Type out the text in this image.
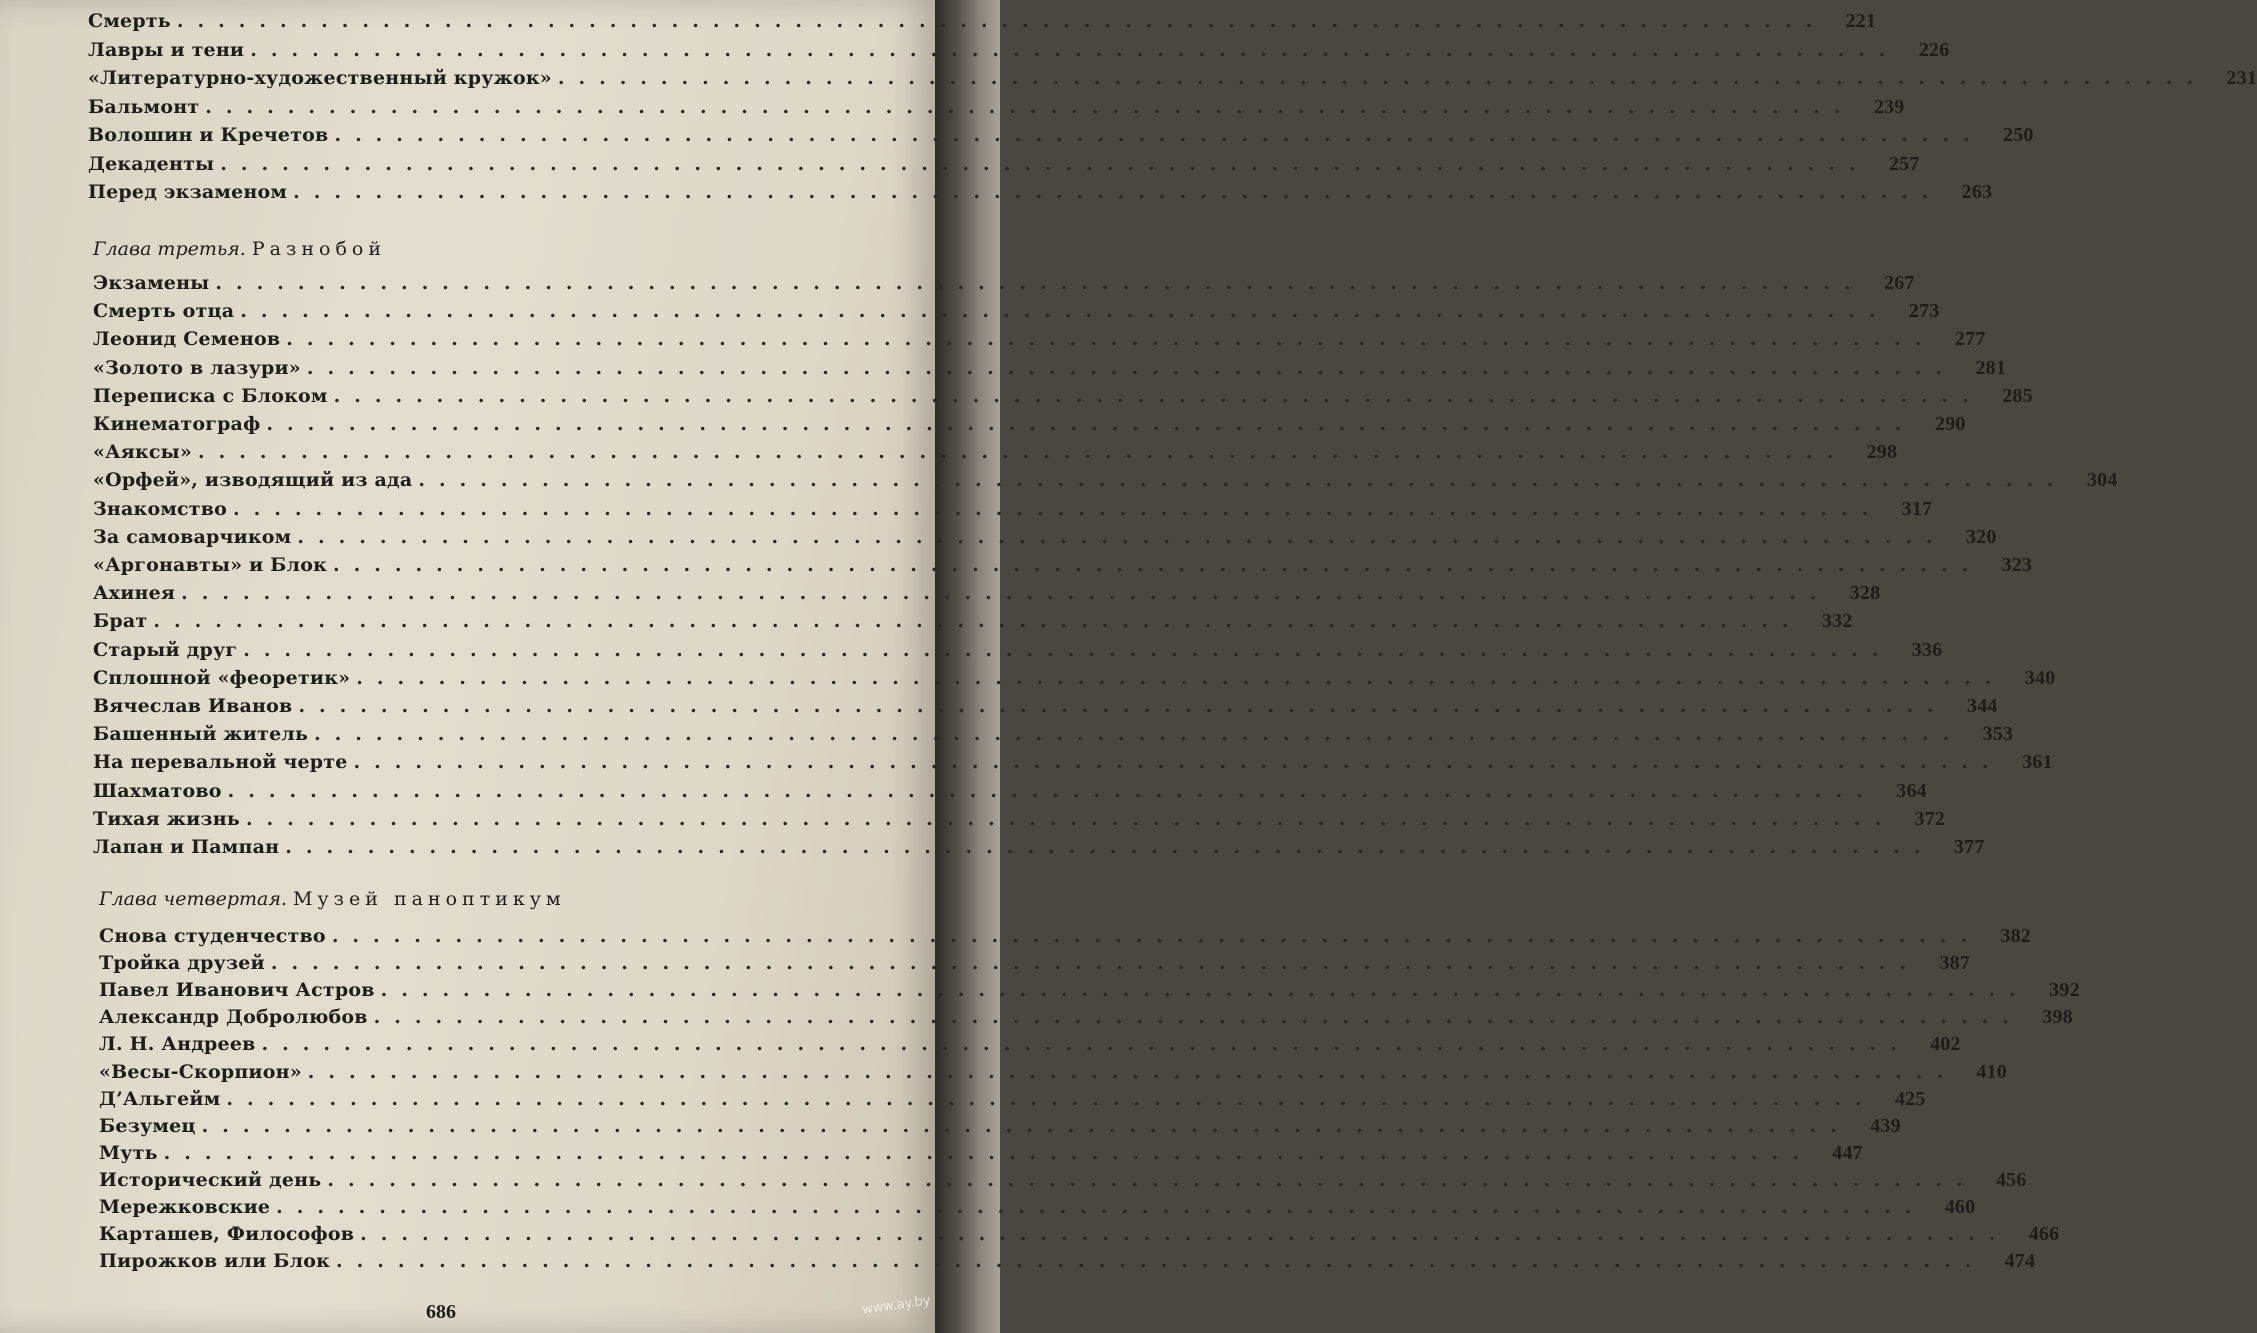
Смерть ................................................................................ 221
Лавры и тени ................................................................................ 226
«Литературно-художественный кружок» ................................................................................ 231
Бальмонт ................................................................................ 239
Волошин и Кречетов ................................................................................ 250
Декаденты ................................................................................ 257
Перед экзаменом ................................................................................ 263
Глава третья. Разнобой
Экзамены ................................................................................ 267
Смерть отца ................................................................................ 273
Леонид Семенов ................................................................................ 277
«Золото в лазури» ................................................................................ 281
Переписка с Блоком ................................................................................ 285
Кинематограф ................................................................................ 290
«Аяксы» ................................................................................ 298
«Орфей», изводящий из ада ................................................................................ 304
Знакомство ................................................................................ 317
За самоварчиком ................................................................................ 320
«Аргонавты» и Блок ................................................................................ 323
Ахинея ................................................................................ 328
Брат ................................................................................ 332
Старый друг ................................................................................ 336
Сплошной «феоретик» ................................................................................ 340
Вячеслав Иванов ................................................................................ 344
Башенный житель ................................................................................ 353
На перевальной черте ................................................................................ 361
Шахматово ................................................................................ 364
Тихая жизнь ................................................................................ 372
Лапан и Пампан ................................................................................ 377
Глава четвертая. Музей паноптикум
Снова студенчество ................................................................................ 382
Тройка друзей ................................................................................ 387
Павел Иванович Астров ................................................................................ 392
Александр Добролюбов ................................................................................ 398
Л. Н. Андреев ................................................................................ 402
«Весы-Скорпион» ................................................................................ 410
Д’Альгейм ................................................................................ 425
Безумец ................................................................................ 439
Муть ................................................................................ 447
Исторический день ................................................................................ 456
Мережковские ................................................................................ 460
Карташев, Философов ................................................................................ 466
Пирожков или Блок ................................................................................ 474
686	www.ay.by
